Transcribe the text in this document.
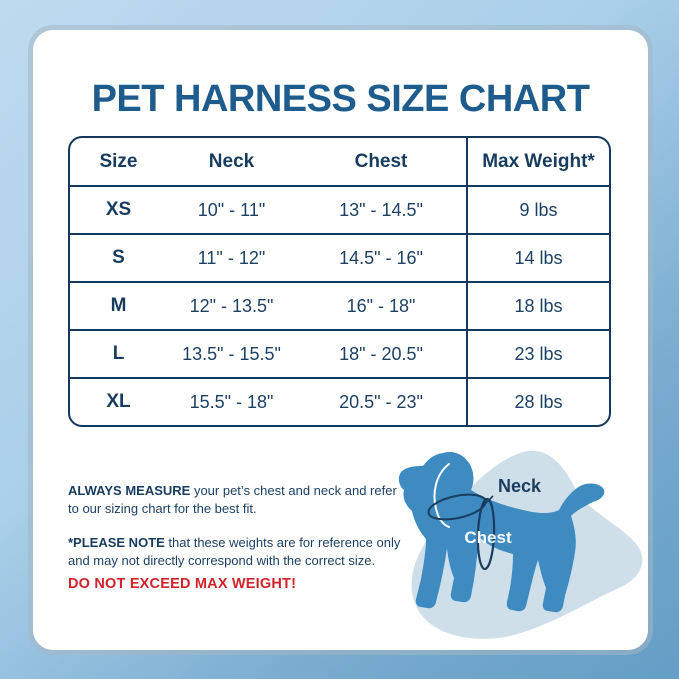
PET HARNESS SIZE CHART
Size	Neck	Chest	Max Weight*
XS	10" - 11"	13" - 14.5"	9 lbs
S	11" - 12"	14.5" - 16"	14 lbs
M	12" - 13.5"	16" - 18"	18 lbs
L	13.5" - 15.5"	18" - 20.5"	23 lbs
XL	15.5" - 18"	20.5" - 23"	28 lbs

ALWAYS MEASURE your pet’s chest and neck and refer to our sizing chart for the best fit.

*PLEASE NOTE that these weights are for reference only and may not directly correspond with the correct size.

DO NOT EXCEED MAX WEIGHT!
Neck
Chest
